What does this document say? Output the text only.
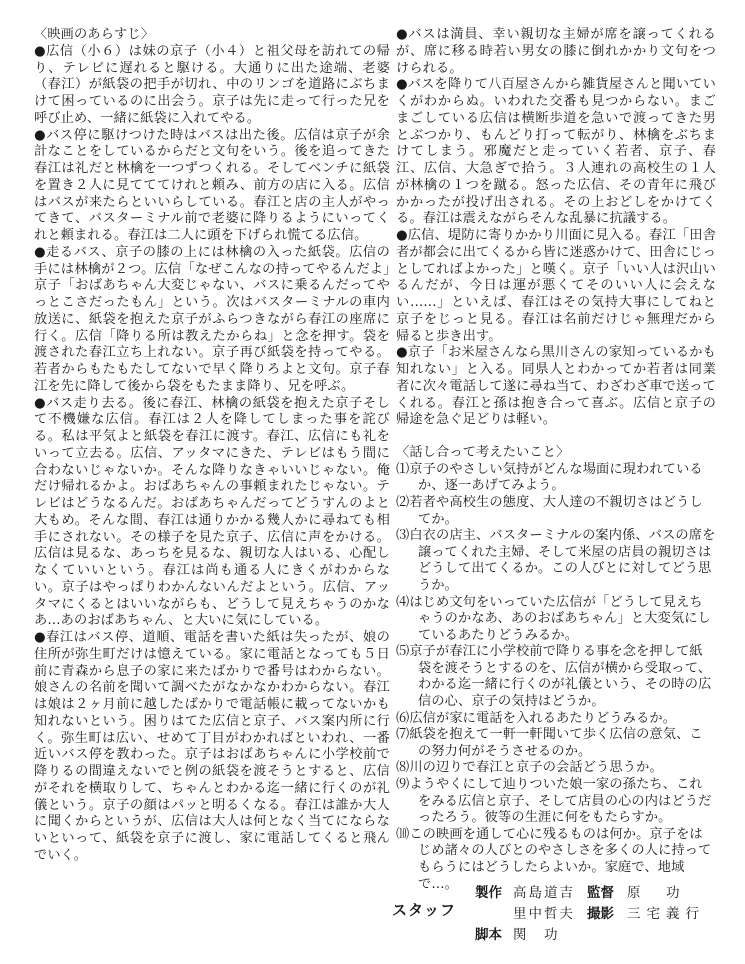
〈映画のあらすじ〉

●広信（小６）は妹の京子（小４）と祖父母を訪れての帰り、テレビに遅れると駆ける。大通りに出た途端、老婆（春江）が紙袋の把手が切れ、中のリンゴを道路にぶちまけて困っているのに出会う。京子は先に走って行った兄を呼び止め、一緒に紙袋に入れてやる。

●バス停に駆けつけた時はバスは出た後。広信は京子が余計なことをしているからだと文句をいう。後を追ってきた春江は礼だと林檎を一つずつくれる。そしてベンチに紙袋を置き２人に見てててけれと頼み、前方の店に入る。広信はバスが来たらといいらしている。春江と店の主人がやってきて、バスターミナル前で老婆に降りるようにいってくれと頼まれる。春江は二人に頭を下げられ慌てる広信。

●走るバス、京子の膝の上には林檎の入った紙袋。広信の手には林檎が２つ。広信「なぜこんなの持ってやるんだよ」京子「おばあちゃん大変じゃない、バスに乗るんだってやっとこさだったもん」という。次はバスターミナルの車内放送に、紙袋を抱えた京子がふらつきながら春江の座席に行く。広信「降りる所は教えたからね」と念を押す。袋を渡された春江立ち上れない。京子再び紙袋を持ってやる。若者からもたもたしてないで早く降りろよと文句。京子春江を先に降して後から袋をもたまま降り、兄を呼ぶ。

●バス走り去る。後に春江、林檎の紙袋を抱えた京子そして不機嫌な広信。春江は２人を降してしまった事を詫びる。私は平気よと紙袋を春江に渡す。春江、広信にも礼をいって立去る。広信、アッタマにきた、テレビはもう間に合わないじゃないか。そんな降りなきゃいいじゃない。俺だけ帰れるかよ。おばあちゃんの事頼まれたじゃない。テレビはどうなるんだ。おばあちゃんだってどうすんのよと大もめ。そんな間、春江は通りかかる幾人かに尋ねても相手にされない。その様子を見た京子、広信に声をかける。広信は見るな、あっちを見るな、親切な人はいる、心配しなくていいという。春江は尚も通る人にきくがわからない。京子はやっぱりわかんないんだよという。広信、アッタマにくるとはいいながらも、どうして見えちゃうのかなあ…あのおばあちゃん、と大いに気にしている。

●春江はバス停、道順、電話を書いた紙は失ったが、娘の住所が弥生町だけは憶えている。家に電話となっても５日前に青森から息子の家に来たばかりで番号はわからない。娘さんの名前を聞いて調べたがなかなかわからない。春江は娘は２ヶ月前に越したばかりで電話帳に載ってないかも知れないという。困りはてた広信と京子、バス案内所に行く。弥生町は広い、せめて丁目がわかればといわれ、一番近いバス停を教わった。京子はおばあちゃんに小学校前で降りるの間違えないでと例の紙袋を渡そうとすると、広信がそれを横取りして、ちゃんとわかる迄一緒に行くのが礼儀という。京子の顔はパッと明るくなる。春江は誰か大人に聞くからというが、広信は大人は何となく当てにならないといって、紙袋を京子に渡し、家に電話してくると飛んでいく。

●バスは満員、幸い親切な主婦が席を譲ってくれるが、席に移る時若い男女の膝に倒れかかり文句をつけられる。

●バスを降りて八百屋さんから雑貨屋さんと聞いていくがわからぬ。いわれた交番も見つからない。まごまごしている広信は横断歩道を急いで渡ってきた男とぶつかり、もんどり打って転がり、林檎をぶちまけてしまう。邪魔だと走っていく若者、京子、春江、広信、大急ぎで拾う。３人連れの高校生の１人が林檎の１つを蹴る。怒った広信、その青年に飛びかかったが投げ出される。その上おどしをかけてくる。春江は震えながらそんな乱暴に抗議する。

●広信、堤防に寄りかかり川面に見入る。春江「田舎者が都会に出てくるから皆に迷惑かけて、田舎にじっとしてればよかった」と嘆く。京子「いい人は沢山いるんだが、今日は運が悪くてそのいい人に会えない……」といえば、春江はその気持大事にしてねと京子をじっと見る。春江は名前だけじゃ無理だから帰ると歩き出す。

●京子「お米屋さんなら黒川さんの家知っているかも知れない」と入る。同県人とわかってか若者は同業者に次々電話して遂に尋ね当て、わざわざ車で送ってくれる。春江と孫は抱き合って喜ぶ。広信と京子の帰途を急ぐ足どりは軽い。

〈話し合って考えたいこと〉

⑴京子のやさしい気持がどんな場面に現われているか、逐一あげてみよう。

⑵若者や高校生の態度、大人達の不親切さはどうしてか。

⑶白衣の店主、バスターミナルの案内係、バスの席を譲ってくれた主婦、そして米屋の店員の親切さはどうして出てくるか。この人びとに対してどう思うか。

⑷はじめ文句をいっていた広信が「どうして見えちゃうのかなあ、あのおばあちゃん」と大変気にしているあたりどうみるか。

⑸京子が春江に小学校前で降りる事を念を押して紙袋を渡そうとするのを、広信が横から受取って、わかる迄一緒に行くのが礼儀という、その時の広信の心、京子の気持はどうか。

⑹広信が家に電話を入れるあたりどうみるか。

⑺紙袋を抱えて一軒一軒聞いて歩く広信の意気、この努力何がそうさせるのか。

⑻川の辺りで春江と京子の会話どう思うか。

⑼ようやくにして辿りついた娘一家の孫たち、これをみる広信と京子、そして店員の心の内はどうだったろう。彼等の生涯に何をもたらすか。

⑽この映画を通して心に残るものは何か。京子をはじめ諸々の人びとのやさしさを多くの人に持ってもらうにはどうしたらよいか。家庭で、地域で…。

スタッフ
製作 高島道吉 監督 原　功
里中哲夫 撮影 三宅義行
脚本 関　功
